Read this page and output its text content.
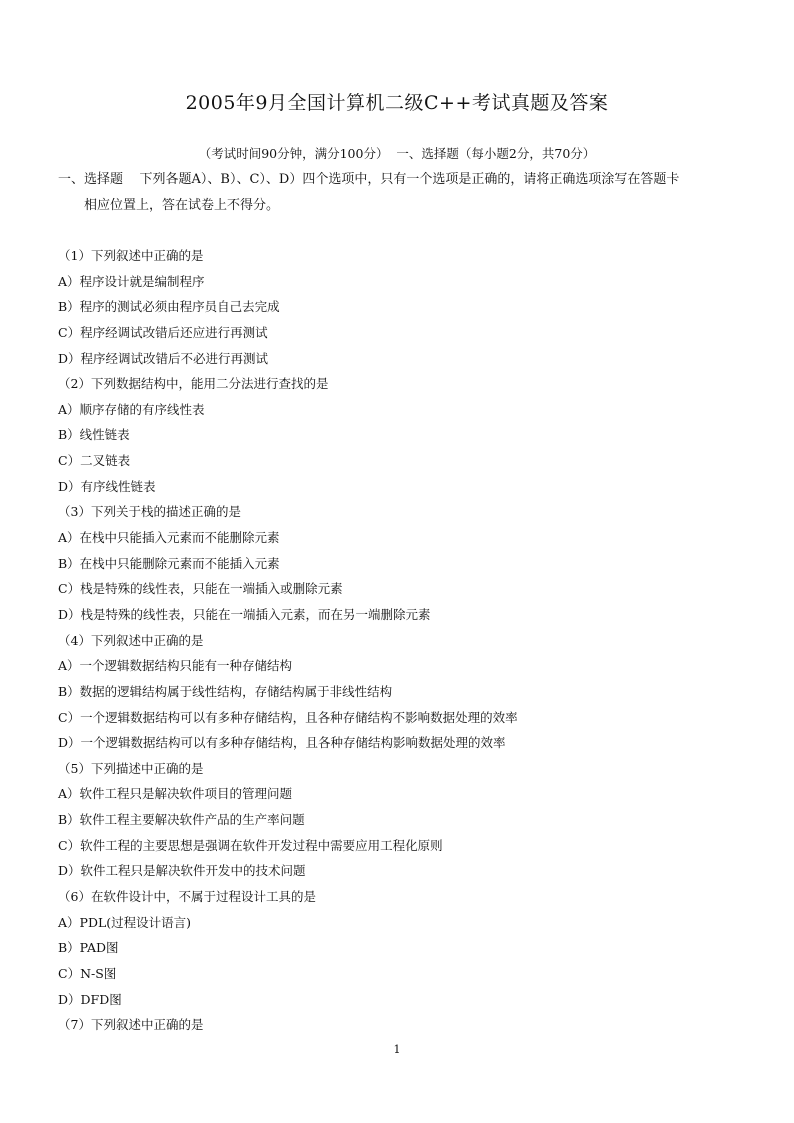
2005年9月全国计算机二级C++考试真题及答案
（考试时间90分钟，满分100分）  一、选择题（每小题2分，共70分）
一、选择题    下列各题A）、B）、C）、D）四个选项中，只有一个选项是正确的，请将正确选项涂写在答题卡
相应位置上，答在试卷上不得分。
（1）下列叙述中正确的是
A）程序设计就是编制程序
B）程序的测试必须由程序员自己去完成
C）程序经调试改错后还应进行再测试
D）程序经调试改错后不必进行再测试
（2）下列数据结构中，能用二分法进行查找的是
A）顺序存储的有序线性表
B）线性链表
C）二叉链表
D）有序线性链表
（3）下列关于栈的描述正确的是
A）在栈中只能插入元素而不能删除元素
B）在栈中只能删除元素而不能插入元素
C）栈是特殊的线性表，只能在一端插入或删除元素
D）栈是特殊的线性表，只能在一端插入元素，而在另一端删除元素
（4）下列叙述中正确的是
A）一个逻辑数据结构只能有一种存储结构
B）数据的逻辑结构属于线性结构，存储结构属于非线性结构
C）一个逻辑数据结构可以有多种存储结构，且各种存储结构不影响数据处理的效率
D）一个逻辑数据结构可以有多种存储结构，且各种存储结构影响数据处理的效率
（5）下列描述中正确的是
A）软件工程只是解决软件项目的管理问题
B）软件工程主要解决软件产品的生产率问题
C）软件工程的主要思想是强调在软件开发过程中需要应用工程化原则
D）软件工程只是解决软件开发中的技术问题
（6）在软件设计中，不属于过程设计工具的是
A）PDL(过程设计语言)
B）PAD图
C）N-S图
D）DFD图
（7）下列叙述中正确的是
1
